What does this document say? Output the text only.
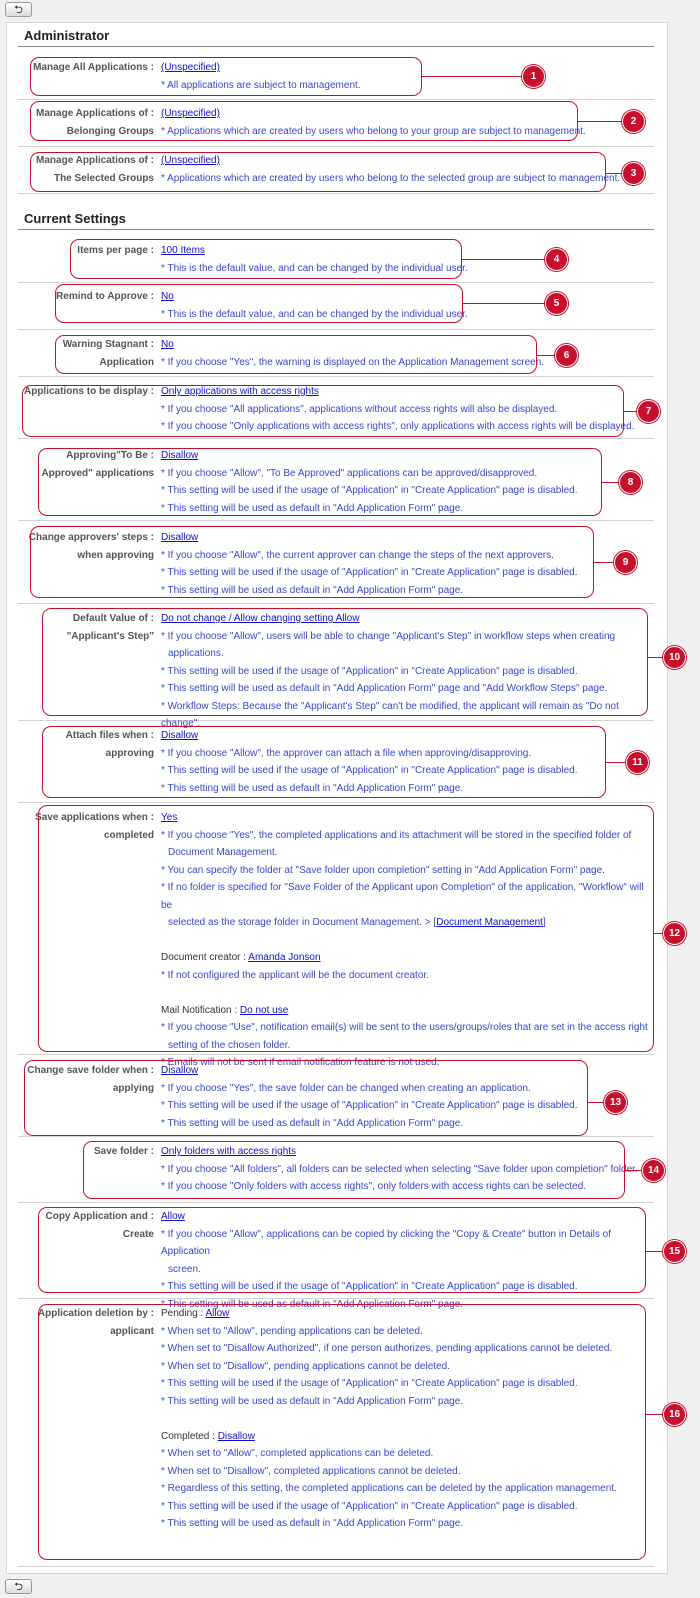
⮌
Administrator
Manage All Applications : (Unspecified)
* All applications are subject to management.
Manage Applications of :
Belonging Groups
(Unspecified)
* Applications which are created by users who belong to your group are subject to management.
Manage Applications of :
The Selected Groups
(Unspecified)
* Applications which are created by users who belong to the selected group are subject to management.
Current Settings
Items per page : 100 Items
* This is the default value, and can be changed by the individual user.
Remind to Approve : No
* This is the default value, and can be changed by the individual user.
Warning Stagnant :
Application
No
* If you choose "Yes", the warning is displayed on the Application Management screen.
Applications to be display : Only applications with access rights
* If you choose "All applications", applications without access rights will also be displayed.
* If you choose "Only applications with access rights", only applications with access rights will be displayed.
Approving"To Be :
Approved" applications
Disallow
* If you choose "Allow", "To Be Approved" applications can be approved/disapproved.
* This setting will be used if the usage of "Application" in "Create Application" page is disabled.
* This setting will be used as default in "Add Application Form" page.
Change approvers' steps :
when approving
Disallow
* If you choose "Allow", the current approver can change the steps of the next approvers.
* This setting will be used if the usage of "Application" in "Create Application" page is disabled.
* This setting will be used as default in "Add Application Form" page.
Default Value of :
"Applicant's Step"
Do not change / Allow changing setting Allow
* If you choose "Allow", users will be able to change "Applicant's Step" in workflow steps when creating
applications.
* This setting will be used if the usage of "Application" in "Create Application" page is disabled.
* This setting will be used as default in "Add Application Form" page and "Add Workflow Steps" page.
* Workflow Steps: Because the "Applicant's Step" can't be modified, the applicant will remain as "Do not change".
Attach files when :
approving
Disallow
* If you choose "Allow", the approver can attach a file when approving/disapproving.
* This setting will be used if the usage of "Application" in "Create Application" page is disabled.
* This setting will be used as default in "Add Application Form" page.
Save applications when :
completed
Yes
* If you choose "Yes", the completed applications and its attachment will be stored in the specified folder of
Document Management.
* You can specify the folder at "Save folder upon completion" setting in "Add Application Form" page.
* If no folder is specified for "Save Folder of the Applicant upon Completion" of the application, "Workflow" will be
selected as the storage folder in Document Management. > [Document Management]
Document creator : Amanda Jonson
* If not configured the applicant will be the document creator.
Mail Notification : Do not use
* If you choose "Use", notification email(s) will be sent to the users/groups/roles that are set in the access right
setting of the chosen folder.
* Emails will not be sent if email notification feature is not used.
Change save folder when :
applying
Disallow
* If you choose "Yes", the save folder can be changed when creating an application.
* This setting will be used if the usage of "Application" in "Create Application" page is disabled.
* This setting will be used as default in "Add Application Form" page.
Save folder : Only folders with access rights
* If you choose "All folders", all folders can be selected when selecting "Save folder upon completion" folder.
* If you choose "Only folders with access rights", only folders with access rights can be selected.
Copy Application and :
Create
Allow
* If you choose "Allow", applications can be copied by clicking the "Copy & Create" button in Details of Application
screen.
* This setting will be used if the usage of "Application" in "Create Application" page is disabled.
* This setting will be used as default in "Add Application Form" page.
Application deletion by :
applicant
Pending : Allow
* When set to "Allow", pending applications can be deleted.
* When set to "Disallow Authorized", if one person authorizes, pending applications cannot be deleted.
* When set to "Disallow", pending applications cannot be deleted.
* This setting will be used if the usage of "Application" in "Create Application" page is disabled.
* This setting will be used as default in "Add Application Form" page.
Completed : Disallow
* When set to "Allow", completed applications can be deleted.
* When set to "Disallow", completed applications cannot be deleted.
* Regardless of this setting, the completed applications can be deleted by the application management.
* This setting will be used if the usage of "Application" in "Create Application" page is disabled.
* This setting will be used as default in "Add Application Form" page.
1
2
3
4
5
6
7
8
9
10
11
12
13
14
15
16
⮌
